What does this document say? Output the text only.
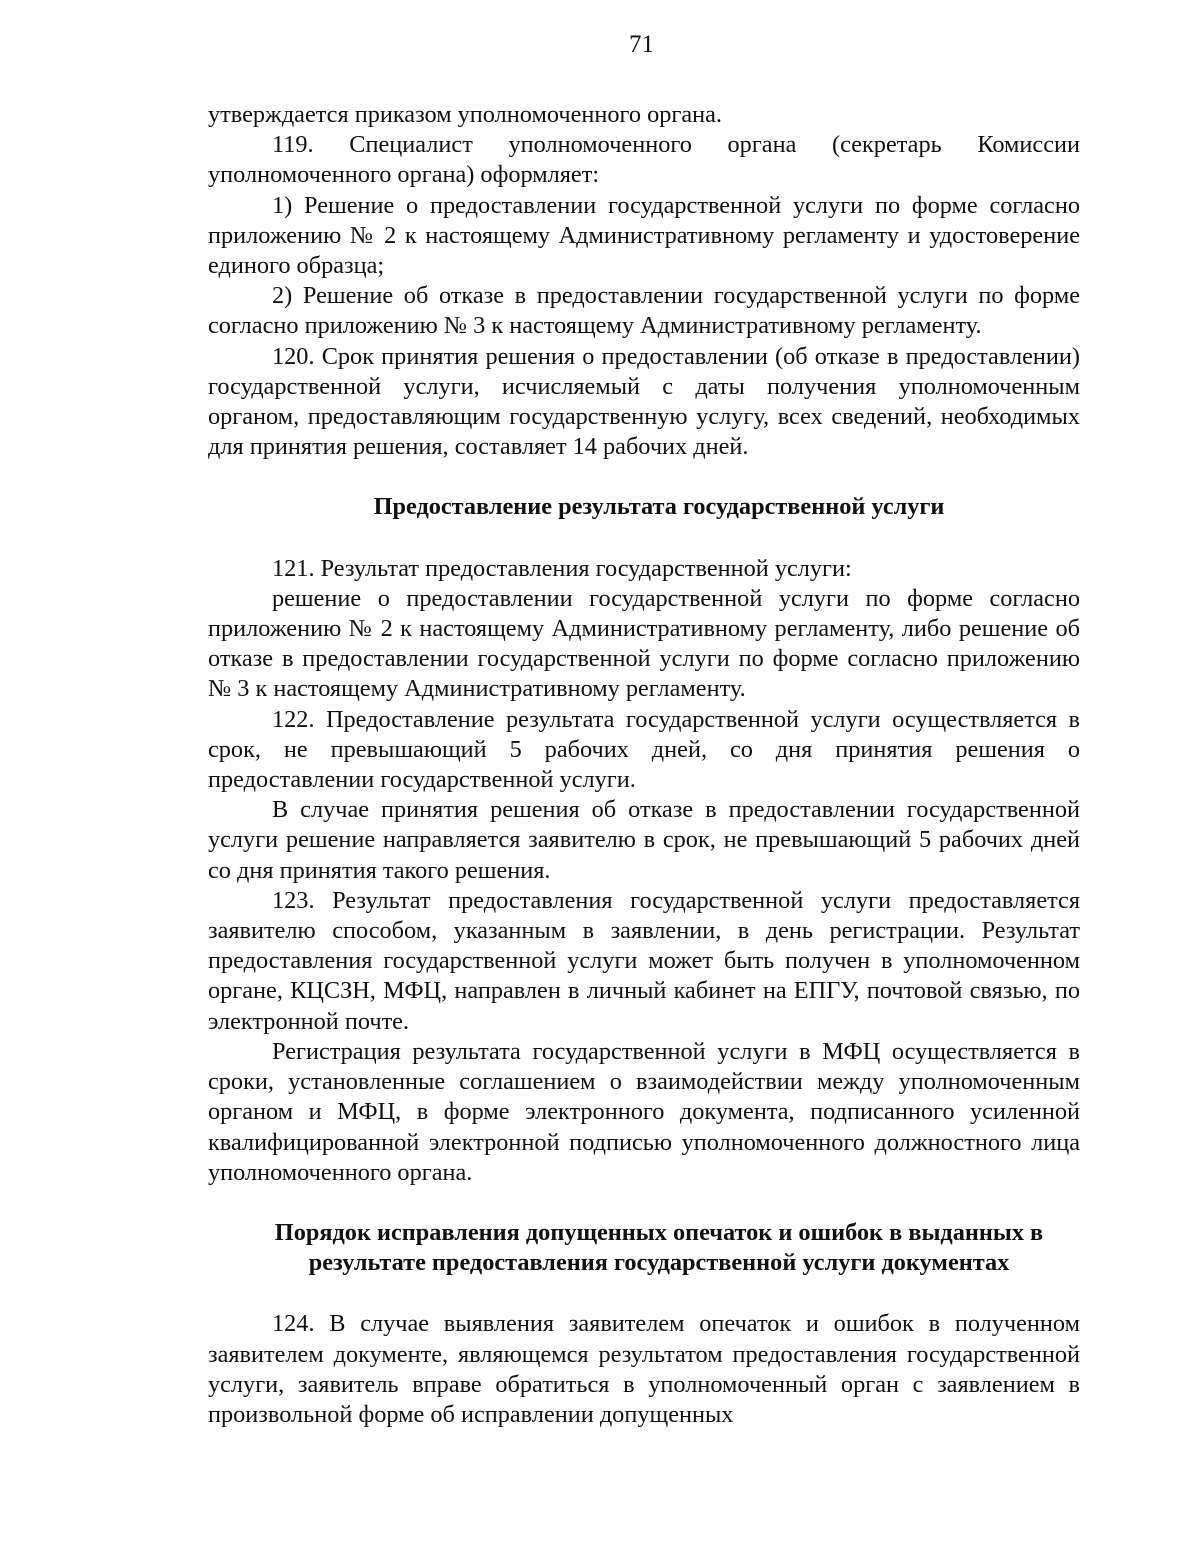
71

утверждается приказом уполномоченного органа.

119. Специалист уполномоченного органа (секретарь Комиссии уполномоченного органа) оформляет:

1) Решение о предоставлении государственной услуги по форме согласно приложению № 2 к настоящему Административному регламенту и удостоверение единого образца;

2) Решение об отказе в предоставлении государственной услуги по форме согласно приложению № 3 к настоящему Административному регламенту.

120. Срок принятия решения о предоставлении (об отказе в предоставлении) государственной услуги, исчисляемый с даты получения уполномоченным органом, предоставляющим государственную услугу, всех сведений, необходимых для принятия решения, составляет 14 рабочих дней.

Предоставление результата государственной услуги

121. Результат предоставления государственной услуги:

решение о предоставлении государственной услуги по форме согласно приложению № 2 к настоящему Административному регламенту, либо решение об отказе в предоставлении государственной услуги по форме согласно приложению № 3 к настоящему Административному регламенту.

122. Предоставление результата государственной услуги осуществляется в срок, не превышающий 5 рабочих дней, со дня принятия решения о предоставлении государственной услуги.

В случае принятия решения об отказе в предоставлении государственной услуги решение направляется заявителю в срок, не превышающий 5 рабочих дней со дня принятия такого решения.

123. Результат предоставления государственной услуги предоставляется заявителю способом, указанным в заявлении, в день регистрации. Результат предоставления государственной услуги может быть получен в уполномоченном органе, КЦСЗН, МФЦ, направлен в личный кабинет на ЕПГУ, почтовой связью, по электронной почте.

Регистрация результата государственной услуги в МФЦ осуществляется в сроки, установленные соглашением о взаимодействии между уполномоченным органом и МФЦ, в форме электронного документа, подписанного усиленной квалифицированной электронной подписью уполномоченного должностного лица уполномоченного органа.

Порядок исправления допущенных опечаток и ошибок в выданных в результате предоставления государственной услуги документах

124. В случае выявления заявителем опечаток и ошибок в полученном заявителем документе, являющемся результатом предоставления государственной услуги, заявитель вправе обратиться в уполномоченный орган с заявлением в произвольной форме об исправлении допущенных
